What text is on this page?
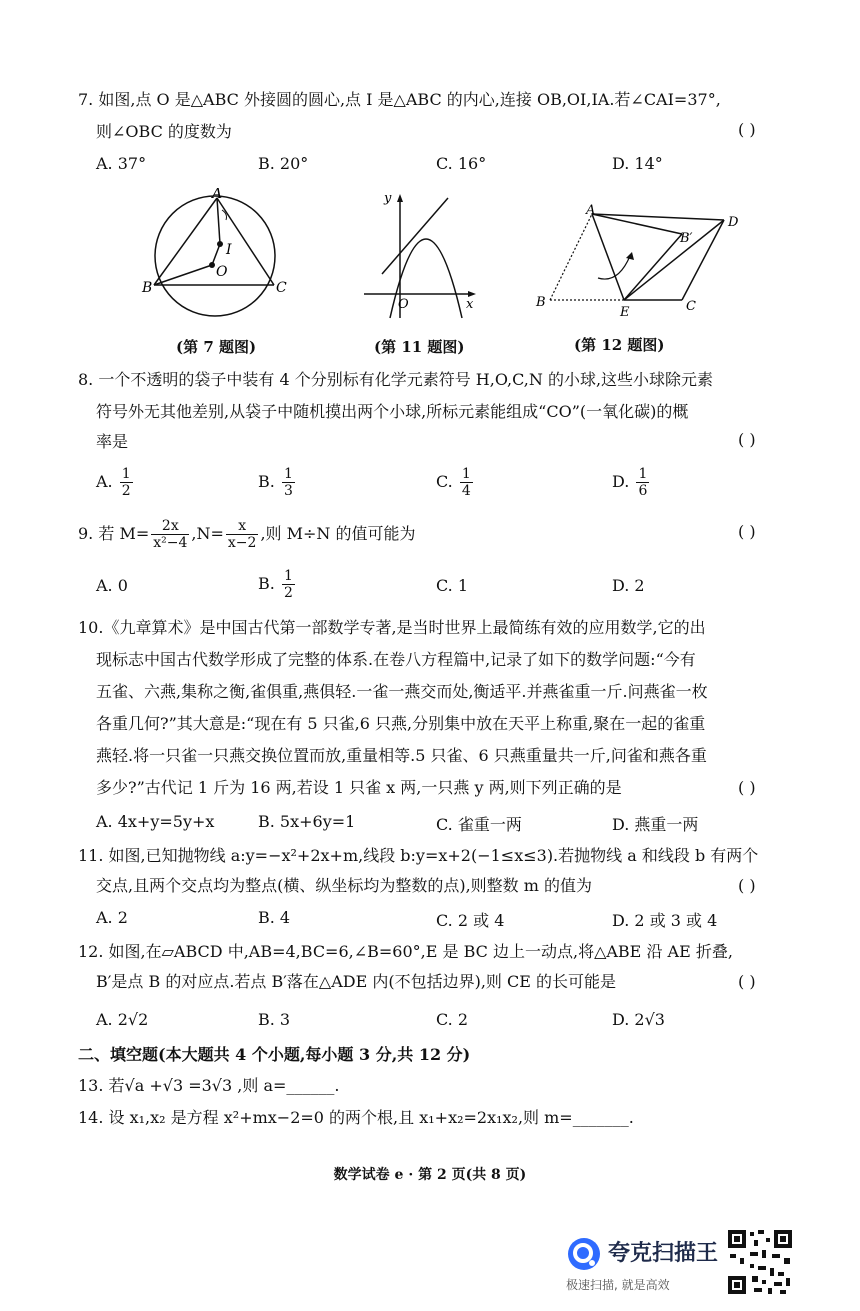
7. 如图,点 O 是△ABC 外接圆的圆心,点 I 是△ABC 的内心,连接 OB,OI,IA.若∠CAI=37°,
则∠OBC 的度数为	( )
A. 37°	B. 20°	C. 16°	D. 14°
A
I
O
B	C
(第 7 题图)
y
O	x
(第 11 题图)
A
D
B′
B
E	C
(第 12 题图)
8. 一个不透明的袋子中装有 4 个分别标有化学元素符号 H,O,C,N 的小球,这些小球除元素
符号外无其他差别,从袋子中随机摸出两个小球,所标元素能组成“CO”(一氧化碳)的概
率是	( )
A. $\frac{1}{2}$	B. $\frac{1}{3}$	C. $\frac{1}{4}$	D. $\frac{1}{6}$
9. 若 $M= \frac{2x}{\text{x²−4}} ,N= \frac{x}{x-2}$ ,则 M÷N 的值可能为	( )
A. 0	B. $\frac{1}{2}$	C. 1	D. 2
10.《九章算术》是中国古代第一部数学专著,是当时世界上最简练有效的应用数学,它的出
现标志中国古代数学形成了完整的体系.在卷八方程篇中,记录了如下的数学问题:“今有
五雀、六燕,集称之衡,雀俱重,燕俱轻.一雀一燕交而处,衡适平.并燕雀重一斤.问燕雀一枚
各重几何?”其大意是:“现在有 5 只雀,6 只燕,分别集中放在天平上称重,聚在一起的雀重
燕轻.将一只雀一只燕交换位置而放,重量相等.5 只雀、6 只燕重量共一斤,问雀和燕各重
多少?”古代记 1 斤为 16 两,若设 1 只雀 x 两,一只燕 y 两,则下列正确的是	( )
A. 4x+y=5y+x	B. 5x+6y=1	C. 雀重一两	D. 燕重一两
11. 如图,已知抛物线 a:y=−x²+2x+m,线段 b:y=x+2(−1≤x≤3).若抛物线 a 和线段 b 有两个
交点,且两个交点均为整点(横、纵坐标均为整数的点),则整数 m 的值为	( )
A. 2	B. 4	C. 2 或 4	D. 2 或 3 或 4
12. 如图,在▱ABCD 中,AB=4,BC=6,∠B=60°,E 是 BC 边上一动点,将△ABE 沿 AE 折叠,
B′是点 B 的对应点.若点 B′落在△ADE 内(不包括边界),则 CE 的长可能是	( )
A. 2√2	B. 3	C. 2	D. 2√3
二、填空题(本大题共 4 个小题,每小题 3 分,共 12 分)
13. 若√a +√3 =3√3 ,则 a=______.
14. 设 x₁,x₂ 是方程 x²+mx−2=0 的两个根,且 x₁+x₂=2x₁x₂,则 m=_______.
数学试卷 e · 第 2 页(共 8 页)
夸克扫描王
极速扫描, 就是高效
